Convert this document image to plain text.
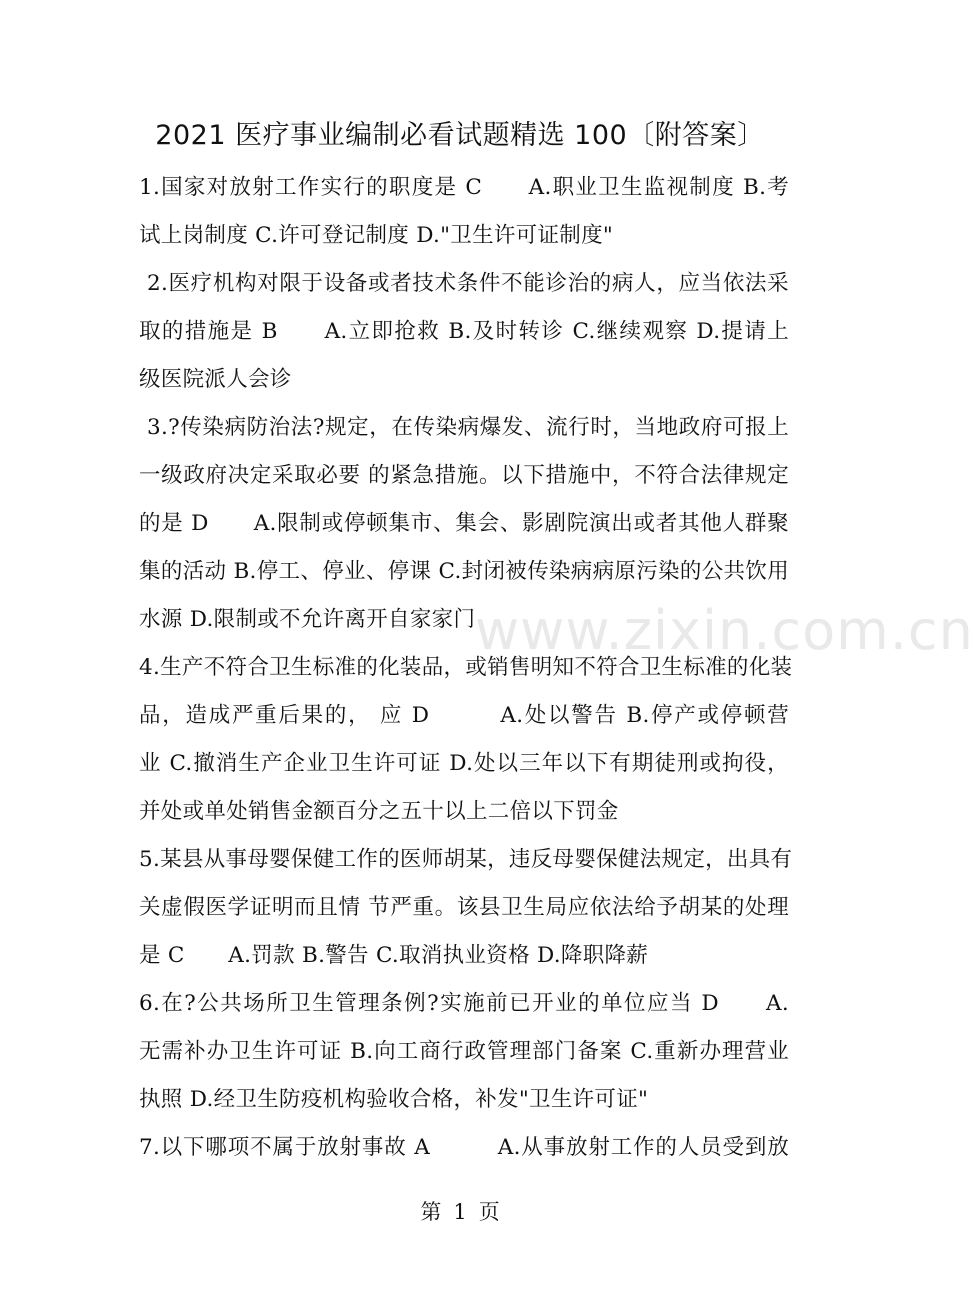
2021 医疗事业编制必看试题精选 100〔附答案〕
www.zixin.com.cn
1.国家对放射工作实行的职度是 C　　A.职业卫生监视制度 B.考
试上岗制度 C.许可登记制度 D."卫生许可证制度"
2.医疗机构对限于设备或者技术条件不能诊治的病人，应当依法采
取的措施是 B　　A.立即抢救 B.及时转诊 C.继续观察 D.提请上
级医院派人会诊
3.?传染病防治法?规定，在传染病爆发、流行时，当地政府可报上
一级政府决定采取必要 的紧急措施。以下措施中，不符合法律规定
的是 D　　A.限制或停顿集市、集会、影剧院演出或者其他人群聚
集的活动 B.停工、停业、停课 C.封闭被传染病病原污染的公共饮用
水源 D.限制或不允许离开自家家门
4.生产不符合卫生标准的化装品，或销售明知不符合卫生标准的化装
品，造成严重后果的， 应 D　　　A.处以警告 B.停产或停顿营
业 C.撤消生产企业卫生许可证 D.处以三年以下有期徒刑或拘役，
并处或单处销售金额百分之五十以上二倍以下罚金
5.某县从事母婴保健工作的医师胡某，违反母婴保健法规定，出具有
关虚假医学证明而且情 节严重。该县卫生局应依法给予胡某的处理
是 C　　A.罚款 B.警告 C.取消执业资格 D.降职降薪
6.在?公共场所卫生管理条例?实施前已开业的单位应当 D　　A.
无需补办卫生许可证 B.向工商行政管理部门备案 C.重新办理营业
执照 D.经卫生防疫机构验收合格，补发"卫生许可证"
7.以下哪项不属于放射事故 A　　　A.从事放射工作的人员受到放
第 1 页
